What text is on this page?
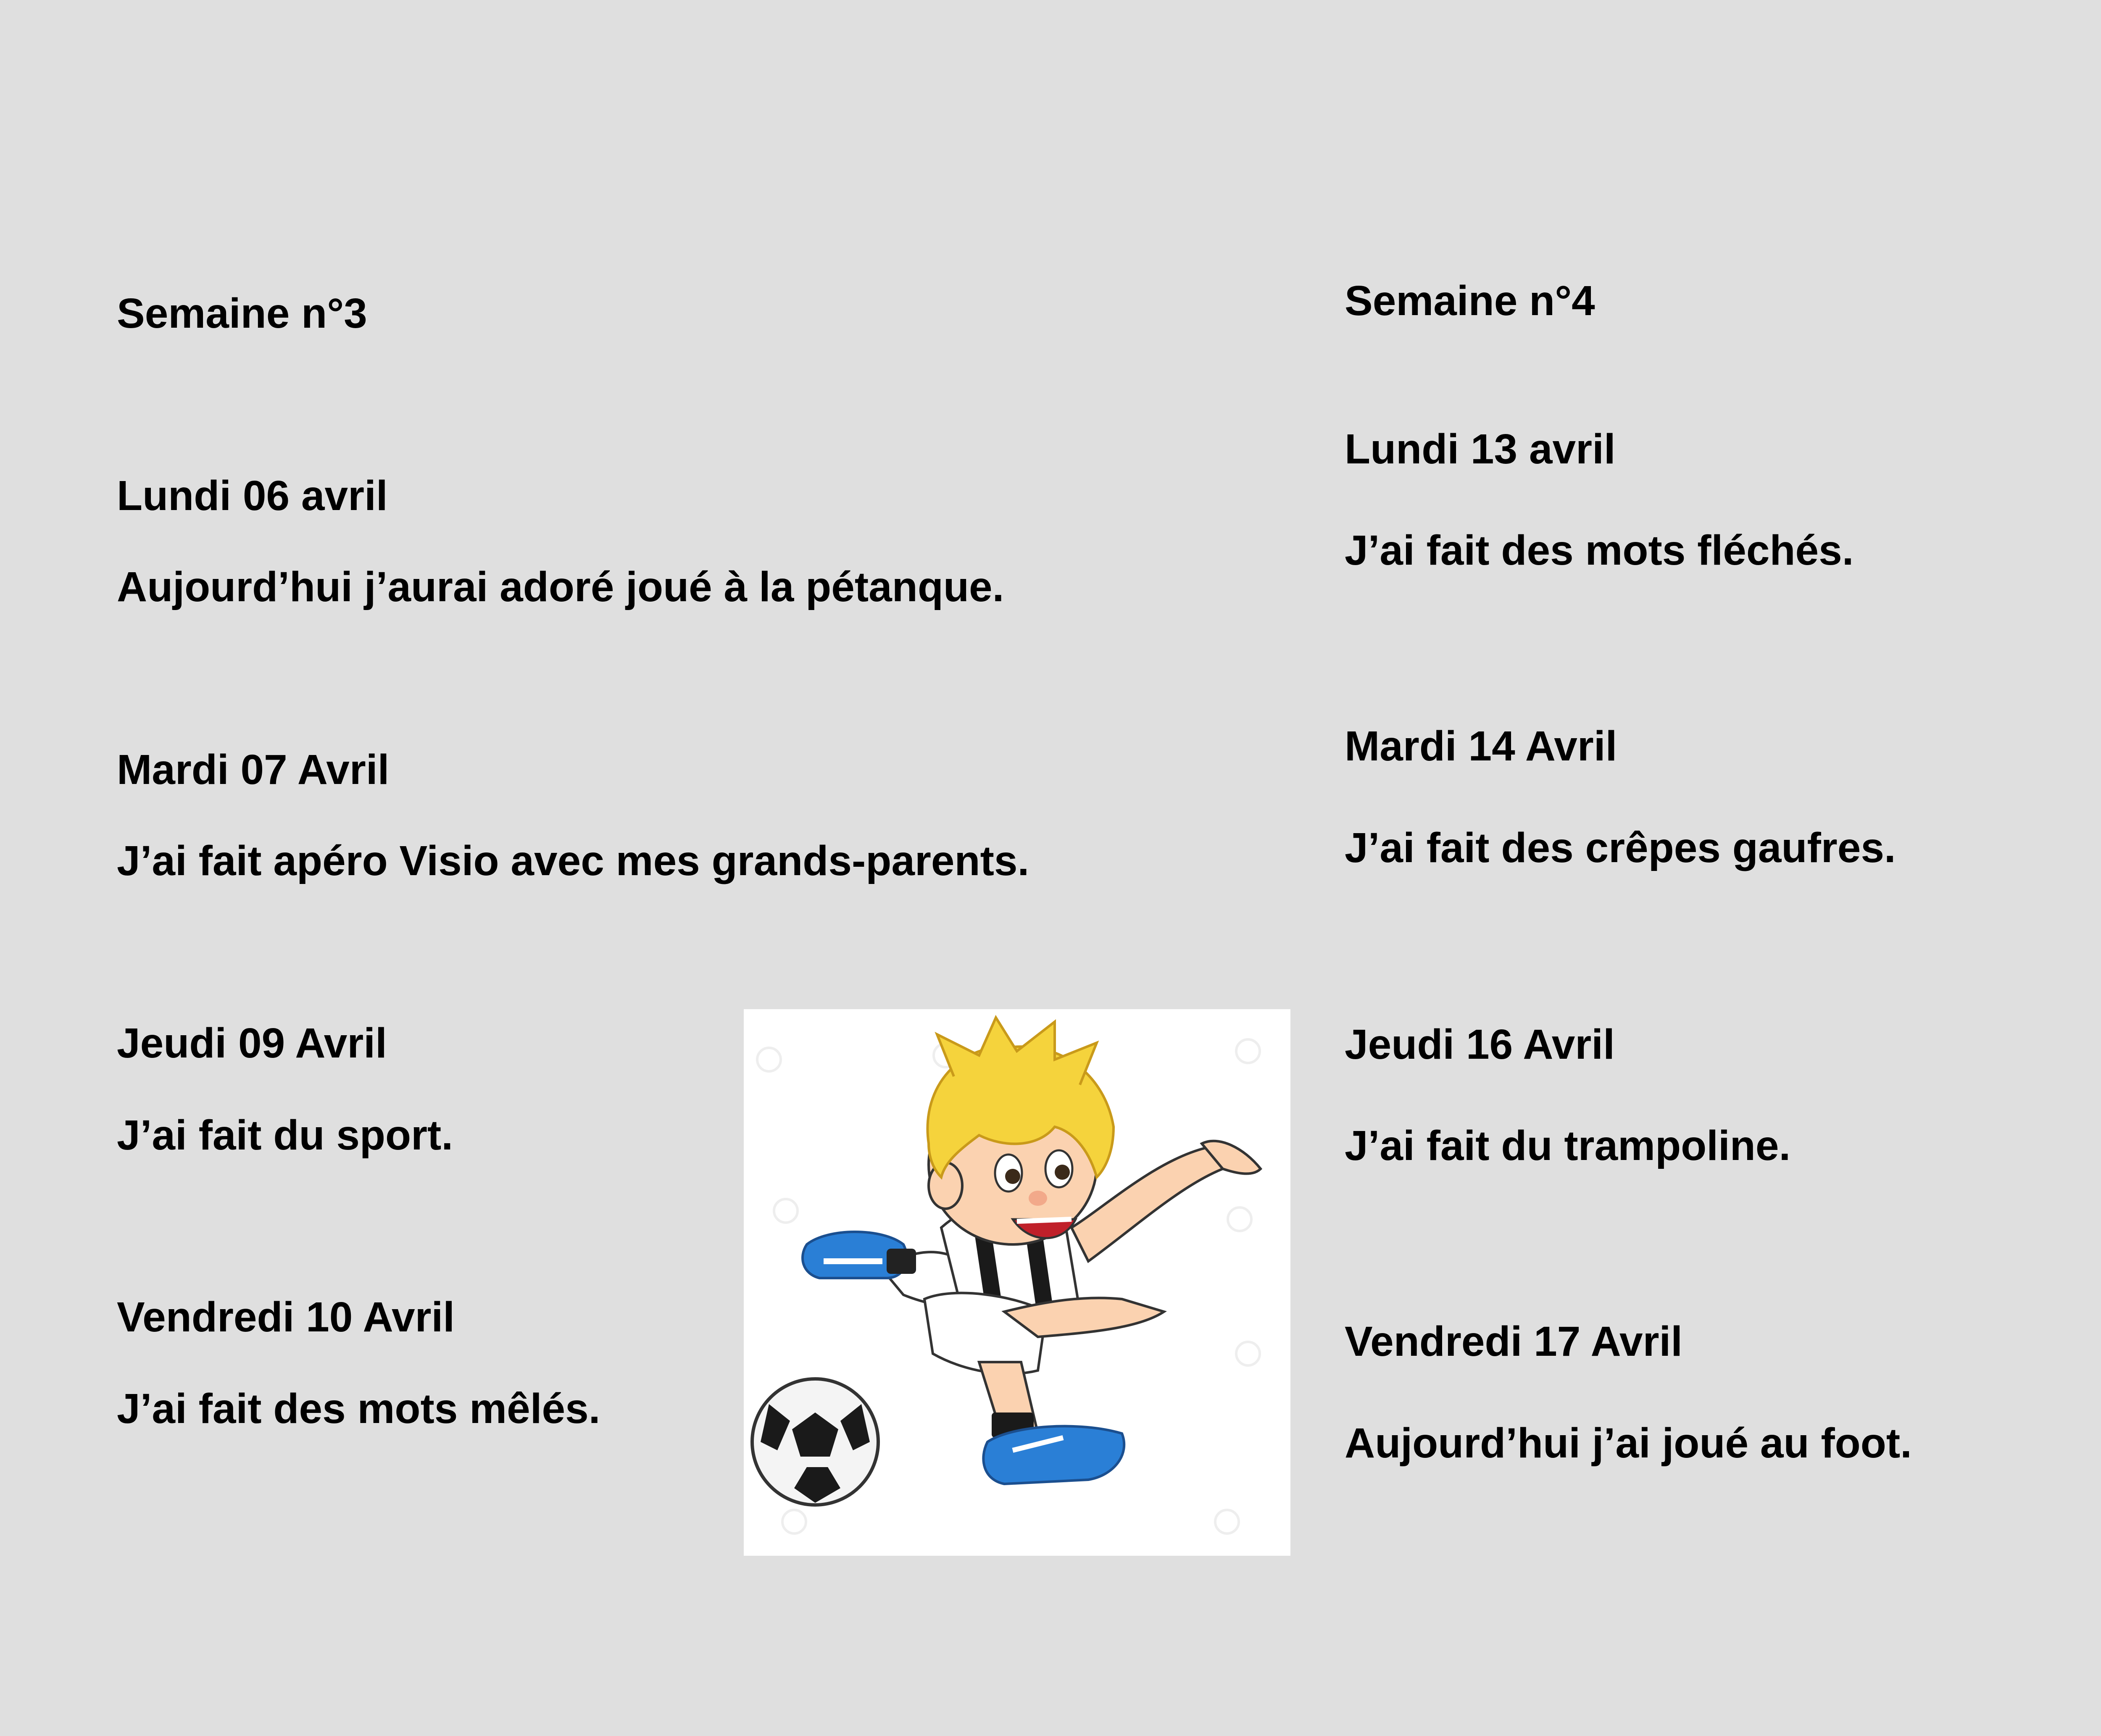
Semaine n°3

Lundi 06 avril

Aujourd’hui j’aurai adoré joué à la pétanque.

Mardi 07 Avril

J’ai fait apéro Visio avec mes grands-parents.

Jeudi 09 Avril

J’ai fait du sport.

Vendredi 10 Avril

J’ai fait des mots mêlés.

Semaine n°4

Lundi 13 avril

J’ai fait des mots fléchés.

Mardi 14 Avril

J’ai fait des crêpes gaufres.

Jeudi 16 Avril

J’ai fait du trampoline.

Vendredi 17 Avril

Aujourd’hui j’ai joué au foot.
